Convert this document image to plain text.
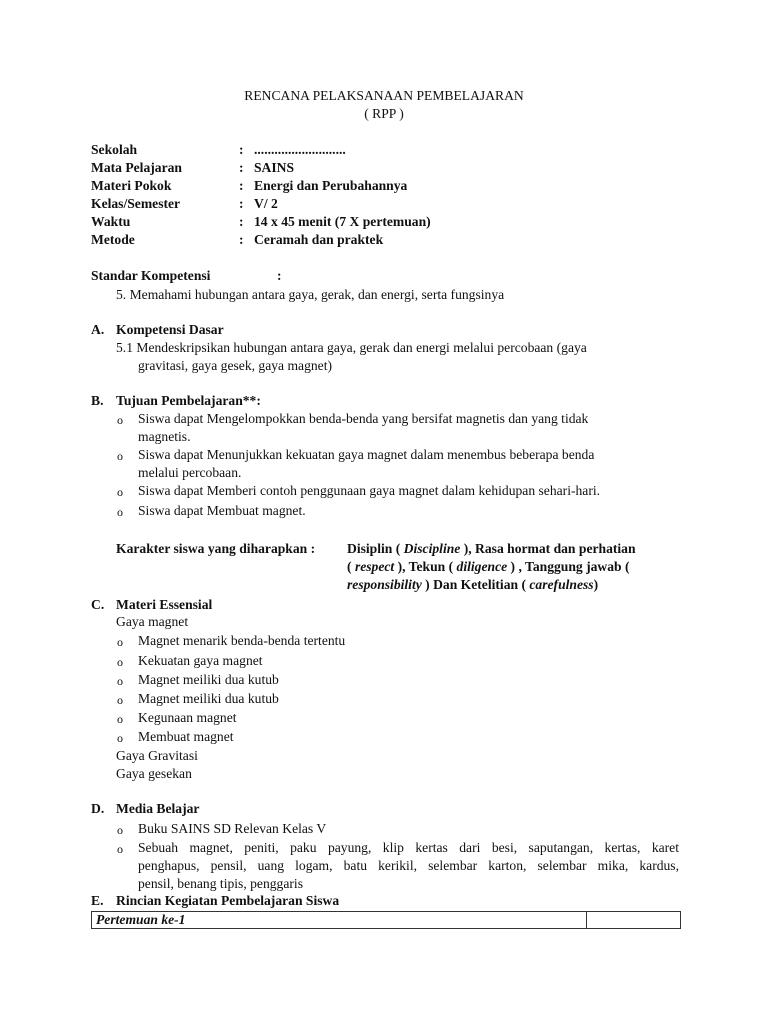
RENCANA PELAKSANAAN PEMBELAJARAN
( RPP )
Sekolah	: ...........................
Mata Pelajaran	: SAINS
Materi Pokok	: Energi dan Perubahannya
Kelas/Semester	: V/ 2
Waktu	: 14 x 45 menit (7 X pertemuan)
Metode	: Ceramah dan praktek
Standar Kompetensi	:
5. Memahami hubungan antara gaya, gerak, dan energi, serta fungsinya
A. Kompetensi Dasar
5.1 Mendeskripsikan hubungan antara gaya, gerak dan energi melalui percobaan (gaya
gravitasi, gaya gesek, gaya magnet)
B. Tujuan Pembelajaran**:
o Siswa dapat Mengelompokkan benda-benda yang bersifat magnetis dan yang tidak
magnetis.
o Siswa dapat Menunjukkan kekuatan gaya magnet dalam menembus beberapa benda
melalui percobaan.
o Siswa dapat Memberi contoh penggunaan gaya magnet dalam kehidupan sehari-hari.
o Siswa dapat Membuat magnet.
Karakter siswa yang diharapkan : Disiplin ( Discipline ), Rasa hormat dan perhatian
( respect ), Tekun ( diligence ) , Tanggung jawab (
responsibility ) Dan Ketelitian ( carefulness)
C. Materi Essensial
Gaya magnet
o Magnet menarik benda-benda tertentu
o Kekuatan gaya magnet
o Magnet meiliki dua kutub
o Magnet meiliki dua kutub
o Kegunaan magnet
o Membuat magnet
Gaya Gravitasi
Gaya gesekan
D. Media Belajar
o Buku SAINS SD Relevan Kelas V
o Sebuah magnet, peniti, paku payung, klip kertas dari besi, saputangan, kertas, karet
penghapus, pensil, uang logam, batu kerikil, selembar karton, selembar mika, kardus,
pensil, benang tipis, penggaris
E. Rincian Kegiatan Pembelajaran Siswa
Pertemuan ke-1	
